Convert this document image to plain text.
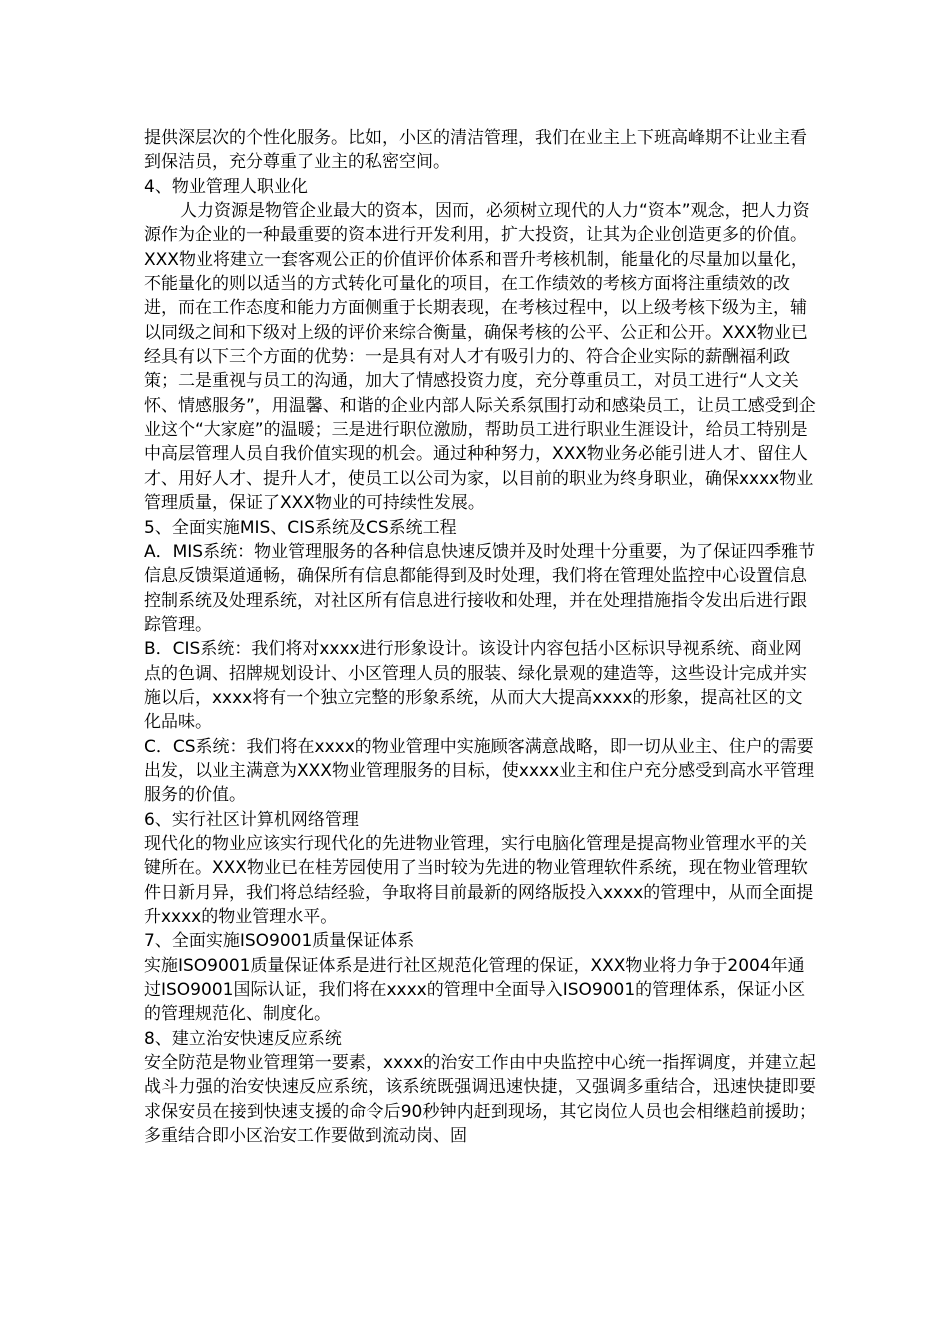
提供深层次的个性化服务。比如，小区的清洁管理，我们在业主上下班高峰期不让业主看到保洁员，充分尊重了业主的私密空间。

4、物业管理人职业化

人力资源是物管企业最大的资本，因而，必须树立现代的人力“资本”观念，把人力资源作为企业的一种最重要的资本进行开发利用，扩大投资，让其为企业创造更多的价值。XXX物业将建立一套客观公正的价值评价体系和晋升考核机制，能量化的尽量加以量化，不能量化的则以适当的方式转化可量化的项目，在工作绩效的考核方面将注重绩效的改进，而在工作态度和能力方面侧重于长期表现，在考核过程中，以上级考核下级为主，辅以同级之间和下级对上级的评价来综合衡量，确保考核的公平、公正和公开。XXX物业已经具有以下三个方面的优势：一是具有对人才有吸引力的、符合企业实际的薪酬福利政策；二是重视与员工的沟通，加大了情感投资力度，充分尊重员工，对员工进行“人文关怀、情感服务”，用温馨、和谐的企业内部人际关系氛围打动和感染员工，让员工感受到企业这个“大家庭”的温暖；三是进行职位激励，帮助员工进行职业生涯设计，给员工特别是中高层管理人员自我价值实现的机会。通过种种努力，XXX物业务必能引进人才、留住人才、用好人才、提升人才，使员工以公司为家，以目前的职业为终身职业，确保xxxx物业管理质量，保证了XXX物业的可持续性发展。

5、全面实施MIS、CIS系统及CS系统工程

A．MIS系统：物业管理服务的各种信息快速反馈并及时处理十分重要，为了保证四季雅节信息反馈渠道通畅，确保所有信息都能得到及时处理，我们将在管理处监控中心设置信息控制系统及处理系统，对社区所有信息进行接收和处理，并在处理措施指令发出后进行跟踪管理。

B．CIS系统：我们将对xxxx进行形象设计。该设计内容包括小区标识导视系统、商业网点的色调、招牌规划设计、小区管理人员的服装、绿化景观的建造等，这些设计完成并实施以后，xxxx将有一个独立完整的形象系统，从而大大提高xxxx的形象，提高社区的文化品味。

C．CS系统：我们将在xxxx的物业管理中实施顾客满意战略，即一切从业主、住户的需要出发，以业主满意为XXX物业管理服务的目标，使xxxx业主和住户充分感受到高水平管理服务的价值。

6、实行社区计算机网络管理

现代化的物业应该实行现代化的先进物业管理，实行电脑化管理是提高物业管理水平的关键所在。XXX物业已在桂芳园使用了当时较为先进的物业管理软件系统，现在物业管理软件日新月异，我们将总结经验，争取将目前最新的网络版投入xxxx的管理中，从而全面提升xxxx的物业管理水平。

7、全面实施ISO9001质量保证体系

实施ISO9001质量保证体系是进行社区规范化管理的保证，XXX物业将力争于2004年通过ISO9001国际认证，我们将在xxxx的管理中全面导入ISO9001的管理体系，保证小区的管理规范化、制度化。

8、建立治安快速反应系统

安全防范是物业管理第一要素，xxxx的治安工作由中央监控中心统一指挥调度，并建立起战斗力强的治安快速反应系统，该系统既强调迅速快捷，又强调多重结合，迅速快捷即要求保安员在接到快速支援的命令后90秒钟内赶到现场，其它岗位人员也会相继趋前援助；多重结合即小区治安工作要做到流动岗、固
